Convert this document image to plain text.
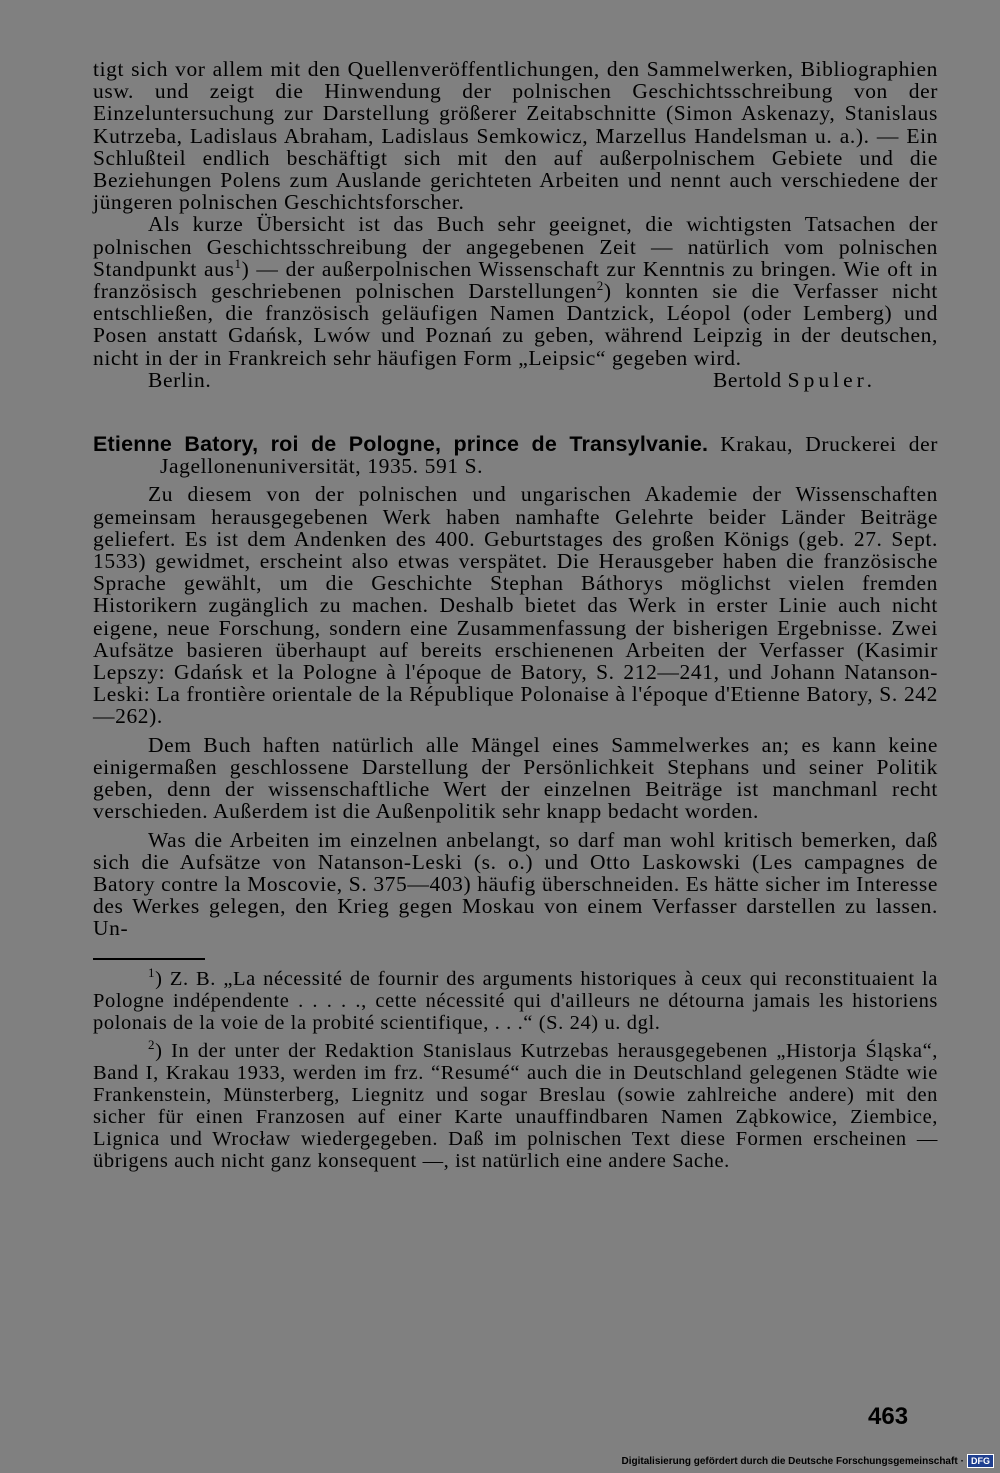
tigt sich vor allem mit den Quellenveröffentlichungen, den Sammelwerken, Bibliographien usw. und zeigt die Hinwendung der polnischen Geschichtsschreibung von der Einzeluntersuchung zur Darstellung größerer Zeitabschnitte (Simon Askenazy, Stanislaus Kutrzeba, Ladislaus Abraham, Ladislaus Semkowicz, Marzellus Handelsman u. a.). — Ein Schlußteil endlich beschäftigt sich mit den auf außerpolnischem Gebiete und die Beziehungen Polens zum Auslande gerichteten Arbeiten und nennt auch verschiedene der jüngeren polnischen Geschichtsforscher.

Als kurze Übersicht ist das Buch sehr geeignet, die wichtigsten Tatsachen der polnischen Geschichtsschreibung der angegebenen Zeit — natürlich vom polnischen Standpunkt aus$^1$) — der außerpolnischen Wissenschaft zur Kenntnis zu bringen. Wie oft in französisch geschriebenen polnischen Darstellungen$^2$) konnten sie die Verfasser nicht entschließen, die französisch geläufigen Namen Dantzick, Léopol (oder Lemberg) und Posen anstatt Gdańsk, Lwów und Poznań zu geben, während Leipzig in der deutschen, nicht in der in Frankreich sehr häufigen Form „Leipsic“ gegeben wird.

Berlin.	Bertold Spuler.

Etienne Batory, roi de Pologne, prince de Transylvanie. Krakau, Druckerei der Jagellonenuniversität, 1935. 591 S.

Zu diesem von der polnischen und ungarischen Akademie der Wissenschaften gemeinsam herausgegebenen Werk haben namhafte Gelehrte beider Länder Beiträge geliefert. Es ist dem Andenken des 400. Geburtstages des großen Königs (geb. 27. Sept. 1533) gewidmet, erscheint also etwas verspätet. Die Herausgeber haben die französische Sprache gewählt, um die Geschichte Stephan Báthorys möglichst vielen fremden Historikern zugänglich zu machen. Deshalb bietet das Werk in erster Linie auch nicht eigene, neue Forschung, sondern eine Zusammenfassung der bisherigen Ergebnisse. Zwei Aufsätze basieren überhaupt auf bereits erschienenen Arbeiten der Verfasser (Kasimir Lepszy: Gdańsk et la Pologne à l'époque de Batory, S. 212—241, und Johann Natanson-Leski: La frontière orientale de la République Polonaise à l'époque d'Etienne Batory, S. 242—262).

Dem Buch haften natürlich alle Mängel eines Sammelwerkes an; es kann keine einigermaßen geschlossene Darstellung der Persönlichkeit Stephans und seiner Politik geben, denn der wissenschaftliche Wert der einzelnen Beiträge ist manchmanl recht verschieden. Außerdem ist die Außenpolitik sehr knapp bedacht worden.

Was die Arbeiten im einzelnen anbelangt, so darf man wohl kritisch bemerken, daß sich die Aufsätze von Natanson-Leski (s. o.) und Otto Laskowski (Les campagnes de Batory contre la Moscovie, S. 375—403) häufig überschneiden. Es hätte sicher im Interesse des Werkes gelegen, den Krieg gegen Moskau von einem Verfasser darstellen zu lassen. Un-

$^1$) Z. B. „La nécessité de fournir des arguments historiques à ceux qui reconstituaient la Pologne indépendente . . . . ., cette nécessité qui d'ailleurs ne détourna jamais les historiens polonais de la voie de la probité scientifique, . . .“ (S. 24) u. dgl.

$^2$) In der unter der Redaktion Stanislaus Kutrzebas herausgegebenen „Historja Śląska“, Band I, Krakau 1933, werden im frz. “Resumé“ auch die in Deutschland gelegenen Städte wie Frankenstein, Münsterberg, Liegnitz und sogar Breslau (sowie zahlreiche andere) mit den sicher für einen Franzosen auf einer Karte unauffindbaren Namen Ząbkowice, Ziembice, Lignica und Wrocław wiedergegeben. Daß im polnischen Text diese Formen erscheinen — übrigens auch nicht ganz konsequent —, ist natürlich eine andere Sache.

463
Digitalisierung gefördert durch die Deutsche Forschungsgemeinschaft · DFG
